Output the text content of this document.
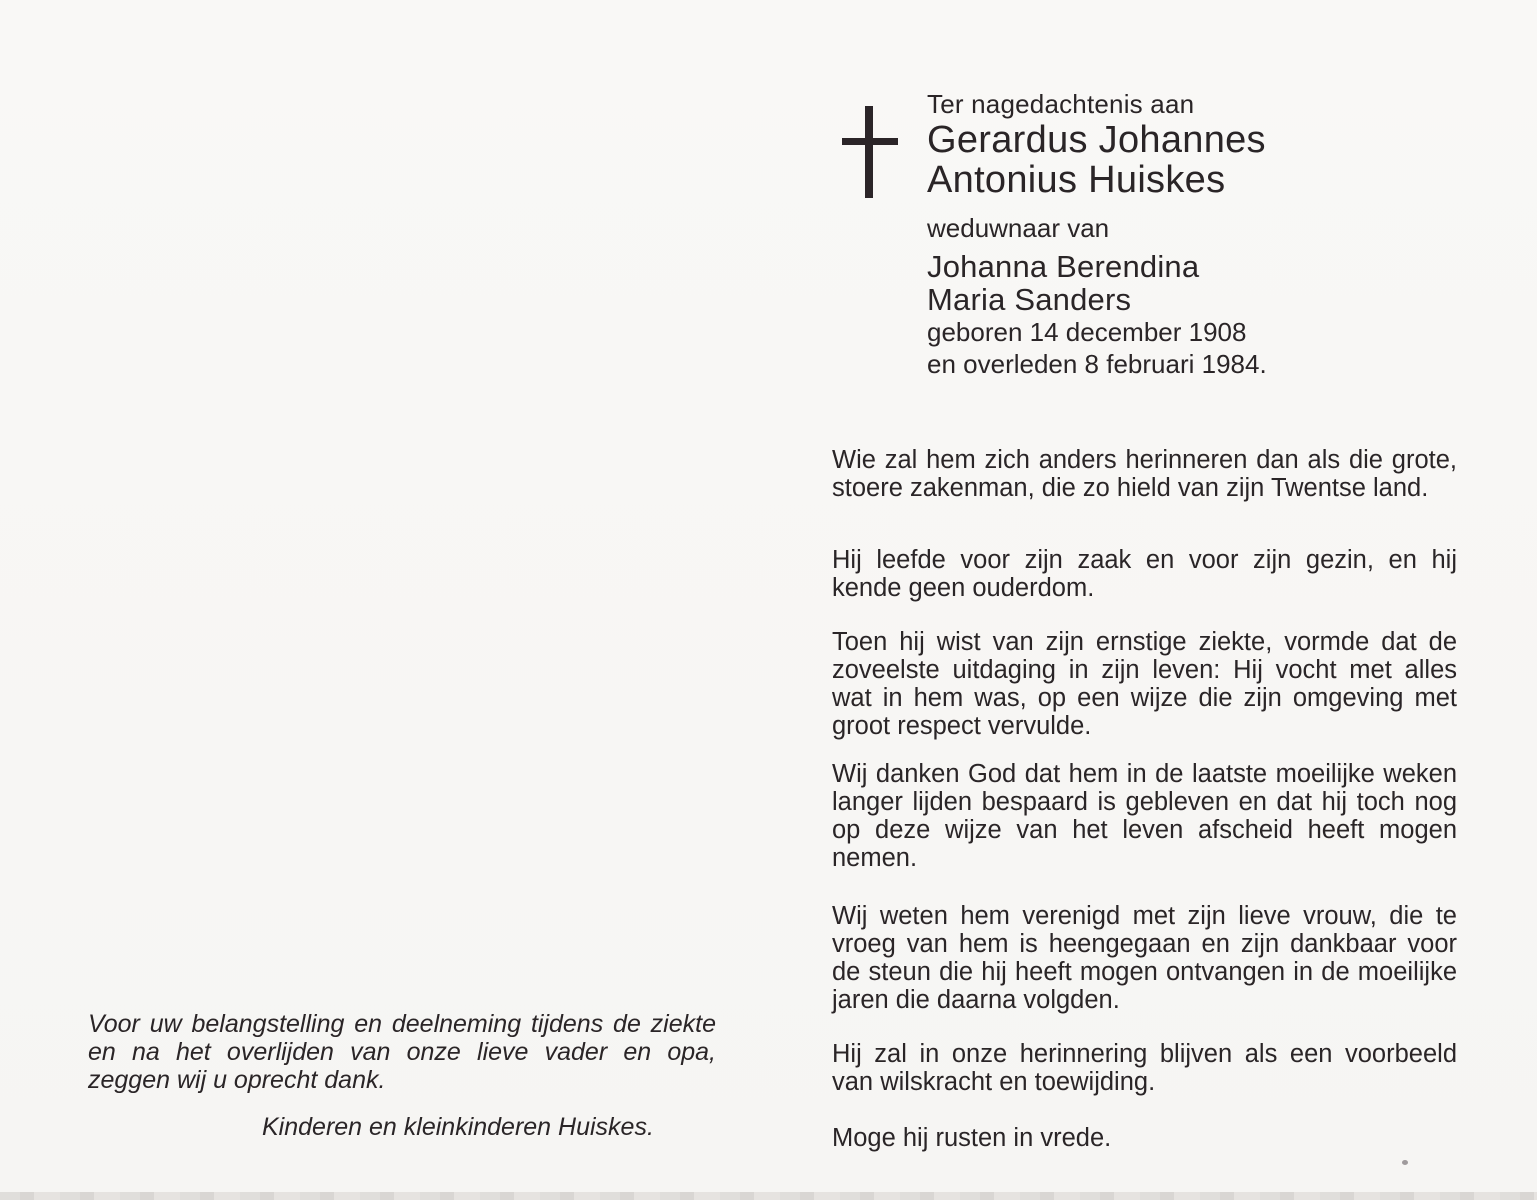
Ter nagedachtenis aan
Gerardus Johannes
Antonius Huiskes
weduwnaar van
Johanna Berendina
Maria Sanders
geboren 14 december 1908
en overleden 8 februari 1984.
Wie zal hem zich anders herinneren dan als die grote, stoere zakenman, die zo hield van zijn Twentse land.
Hij leefde voor zijn zaak en voor zijn gezin, en hij kende geen ouderdom.
Toen hij wist van zijn ernstige ziekte, vormde dat de zoveelste uitdaging in zijn leven: Hij vocht met alles wat in hem was, op een wijze die zijn omgeving met groot respect vervulde.
Wij danken God dat hem in de laatste moeilijke weken langer lijden bespaard is gebleven en dat hij toch nog op deze wijze van het leven afscheid heeft mogen nemen.
Wij weten hem verenigd met zijn lieve vrouw, die te vroeg van hem is heengegaan en zijn dankbaar voor de steun die hij heeft mogen ontvangen in de moeilijke jaren die daarna volgden.
Hij zal in onze herinnering blijven als een voorbeeld van wilskracht en toewijding.
Moge hij rusten in vrede.
Voor uw belangstelling en deelneming tijdens de ziekte en na het overlijden van onze lieve vader en opa, zeggen wij u oprecht dank.
Kinderen en kleinkinderen Huiskes.
